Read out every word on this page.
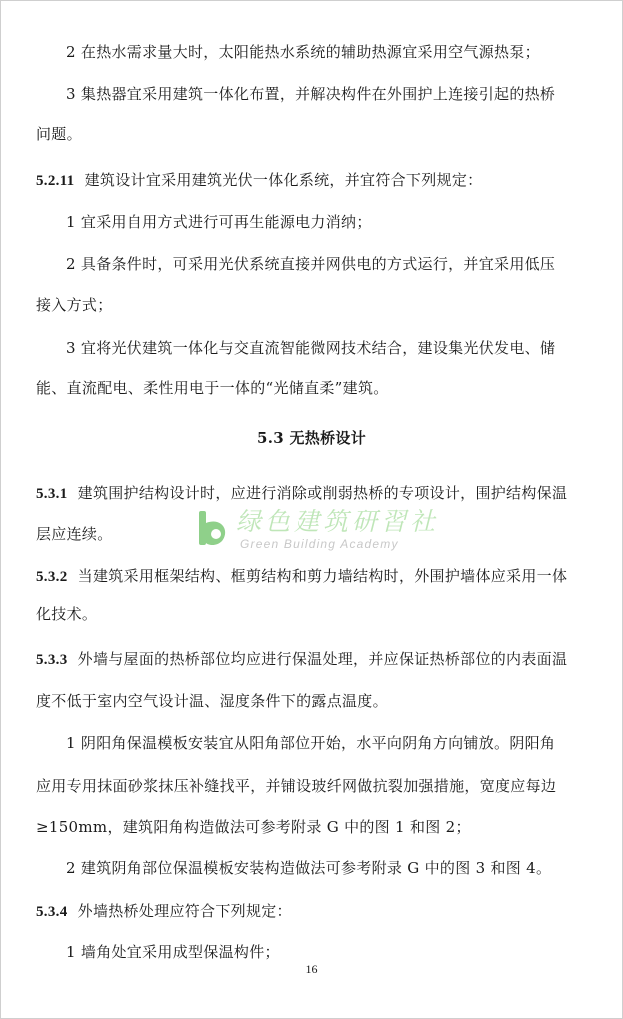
2 在热水需求量大时，太阳能热水系统的辅助热源宜采用空气源热泵；
3 集热器宜采用建筑一体化布置，并解决构件在外围护上连接引起的热桥
问题。
5.2.11 建筑设计宜采用建筑光伏一体化系统，并宜符合下列规定：
1 宜采用自用方式进行可再生能源电力消纳；
2 具备条件时，可采用光伏系统直接并网供电的方式运行，并宜采用低压
接入方式；
3 宜将光伏建筑一体化与交直流智能微网技术结合，建设集光伏发电、储
能、直流配电、柔性用电于一体的“光储直柔”建筑。
5.3 无热桥设计
5.3.1 建筑围护结构设计时，应进行消除或削弱热桥的专项设计，围护结构保温
层应连续。
5.3.2 当建筑采用框架结构、框剪结构和剪力墙结构时，外围护墙体应采用一体
化技术。
5.3.3 外墙与屋面的热桥部位均应进行保温处理，并应保证热桥部位的内表面温
度不低于室内空气设计温、湿度条件下的露点温度。
1 阴阳角保温模板安装宜从阳角部位开始，水平向阴角方向铺放。阴阳角
应用专用抹面砂浆抹压补缝找平，并铺设玻纤网做抗裂加强措施，宽度应每边
≥150mm，建筑阳角构造做法可参考附录 G 中的图 1 和图 2；
2 建筑阴角部位保温模板安装构造做法可参考附录 G 中的图 3 和图 4。
5.3.4 外墙热桥处理应符合下列规定：
1 墙角处宜采用成型保温构件；
绿色建筑研習社
Green Building Academy
16
